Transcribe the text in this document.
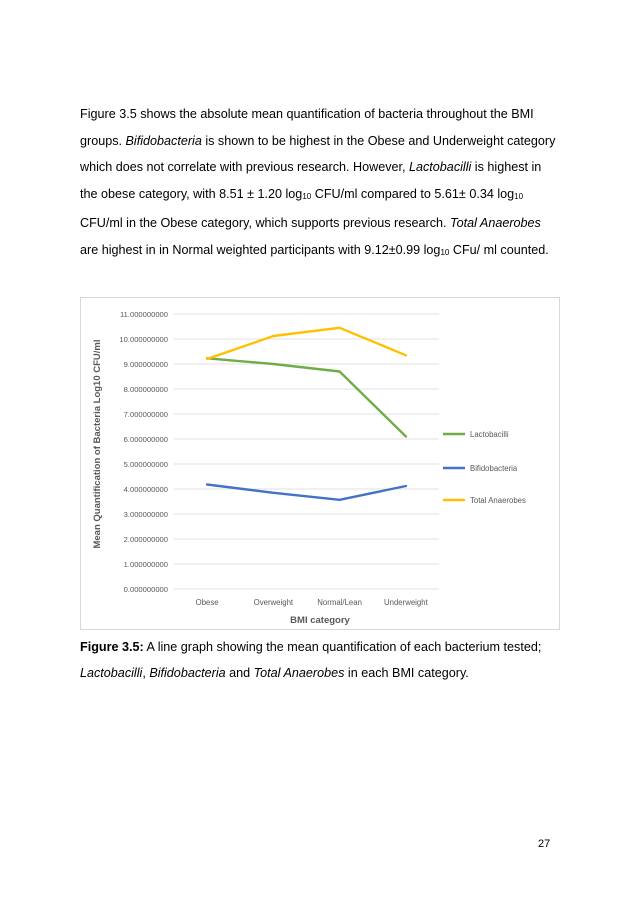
Figure 3.5 shows the absolute mean quantification of bacteria throughout the BMI groups. Bifidobacteria is shown to be highest in the Obese and Underweight category which does not correlate with previous research. However, Lactobacilli is highest in the obese category, with 8.51 ± 1.20 $\log_{10} CFU/ml$ compared to 5.61± 0.34 $\log_{10} CFU/ml$ in the Obese category, which supports previous research. Total Anaerobes are highest in in Normal weighted participants with 9.12±0.99 $\log_{10} CFu/$ ml counted.

0.000000000
1.000000000
2.000000000
3.000000000
4.000000000
5.000000000
6.000000000
7.000000000
8.000000000
9.000000000
10.000000000
11.000000000
Obese	Overweight	Normal/Lean	Underweight
Lactobacilli
Bifidobacteria
Total Anaerobes
BMI category
Mean Quantification of Bacteria Log10 CFU/ml

Figure 3.5: A line graph showing the mean quantification of each bacterium tested; Lactobacilli, Bifidobacteria and Total Anaerobes in each BMI category.

27
